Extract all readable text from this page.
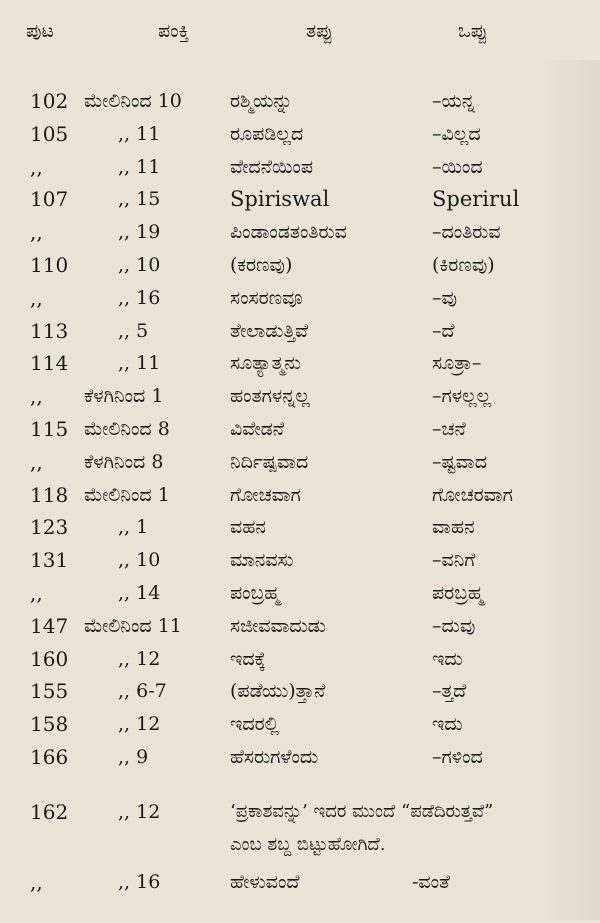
ಪುಟ	ಪಂಕ್ತಿ	ತಪ್ಪು	ಒಪ್ಪು
102 ಮೇಲಿನಿಂದ 10	ರಶ್ಮಿಯನ್ನು	–ಯನ್ನ
105	,, 11	ರೂಪಡಿಲ್ಲದ	–ವಿಲ್ಲದ
,,	,, 11	ವೇದನೆಯಿಂಪ	–ಯಿಂದ
107	,, 15	Spiriswal	Sperirul
,,	,, 19	ಪಿಂಡಾಂಡತಂತಿರುವ	–ದಂತಿರುವ
110	,, 10	(ಕರಣವು)	(ಕಿರಣವು)
,,	,, 16	ಸಂಸರಣವೂ	–ವು
113	,, 5	ತೇಲಾಡುತ್ತಿವೆ	–ದೆ
114	,, 11	ಸೂತ್ಯಾತ್ಮನು	ಸೂತ್ರಾ–
,, ಕೆಳಗಿನಿಂದ 1	ಹಂತಗಳನ್ನಲ್ಲ	–ಗಳಲ್ಲಲ್ಲ
115 ಮೇಲಿನಿಂದ 8	ವಿವೇಡನೆ	–ಚನೆ
,, ಕೆಳಗಿನಿಂದ 8	ನಿರ್ದಿಷ್ಪವಾದ	–ಷ್ಟವಾದ
118 ಮೇಲಿನಿಂದ 1	ಗೋಚವಾಗ	ಗೋಚರವಾಗ
123	,, 1	ವಹನ	ವಾಹನ
131	,, 10	ಮಾನವಸು	–ವನಿಗೆ
,,	,, 14	ಪಂಬ್ರಹ್ಮ	ಪರಬ್ರಹ್ಮ
147 ಮೇಲಿನಿಂದ 11	ಸಜೀವವಾದುಡು	–ದುವು
160	,, 12	ಇದಕ್ಕೆ	ಇದು
155	,, 6-7	(ಪಡೆಯು)ತ್ತಾನೆ	–ತ್ತದೆ
158	,, 12	ಇದರಲ್ಲಿ	ಇದು
166	,, 9	ಹೆಸರುಗಳೆಂದು	–ಗಳಿಂದ
162	,, 12	‘ಪ್ರಕಾಶವನ್ನು’ ಇದರ ಮುಂದೆ “ಪಡೆದಿರುತ್ತವೆ”
ಎಂಬ ಶಬ್ದ ಬಿಟ್ಟುಹೋಗಿದೆ.
,,	,, 16	ಹೇಳುವಂದೆ	-ವಂತೆ
